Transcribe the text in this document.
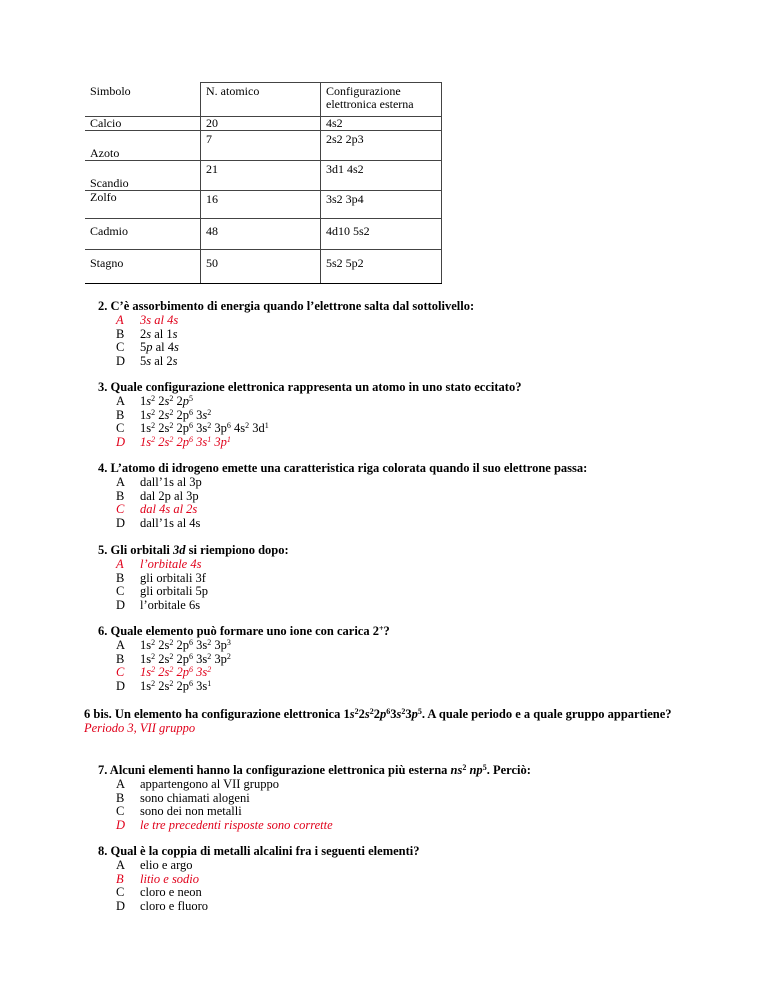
Simbolo	N. atomico	Configurazione elettronica esterna
Calcio	20	4s2
Azoto	7	2s2 2p3
Scandio	21	3d1 4s2
Zolfo	16	3s2 3p4
Cadmio	48	4d10 5s2
Stagno	50	5s2 5p2
2. C’è assorbimento di energia quando l’elettrone salta dal sottolivello:
A	3s al 4s
B	2s al 1s
C	5p al 4s
D	5s al 2s
3. Quale configurazione elettronica rappresenta un atomo in uno stato eccitato?
A	$1s^2$ $2s^2$ $2p^5$
B	$1s^2$ $2s^2$ $2p^6$ $3s^2$
C	$1s^2$ $2s^2$ $2p^6$ $3s^2$ $3p^6$ $4s^2$ $3d^1$
D	$1s^2$ $2s^2$ $2p^6$ $3s^1$ $3p^1$
4. L’atomo di idrogeno emette una caratteristica riga colorata quando il suo elettrone passa:
A	dall’1s al 3p
B	dal 2p al 3p
C	dal 4s al 2s
D	dall’1s al 4s
5. Gli orbitali 3d si riempiono dopo:
A	l’orbitale 4s
B	gli orbitali 3f
C	gli orbitali 5p
D	l’orbitale 6s
6. Quale elemento può formare uno ione con carica 2+?
A	$1s^2$ $2s^2$ $2p^6$ $3s^2$ $3p^3$
B	$1s^2$ $2s^2$ $2p^6$ $3s^2$ $3p^2$
C	$1s^2$ $2s^2$ $2p^6$ $3s^2$
D	$1s^2$ $2s^2$ $2p^6$ $3s^1$
6 bis. Un elemento ha configurazione elettronica $1s^22s^22p^63s^23p^5$. A quale periodo e a quale gruppo appartiene?
Periodo 3, VII gruppo
7. Alcuni elementi hanno la configurazione elettronica più esterna $ns^2$ $np^5$. Perciò:
A	appartengono al VII gruppo
B	sono chiamati alogeni
C	sono dei non metalli
D	le tre precedenti risposte sono corrette
8. Qual è la coppia di metalli alcalini fra i seguenti elementi?
A	elio e argo
B	litio e sodio
C	cloro e neon
D	cloro e fluoro
